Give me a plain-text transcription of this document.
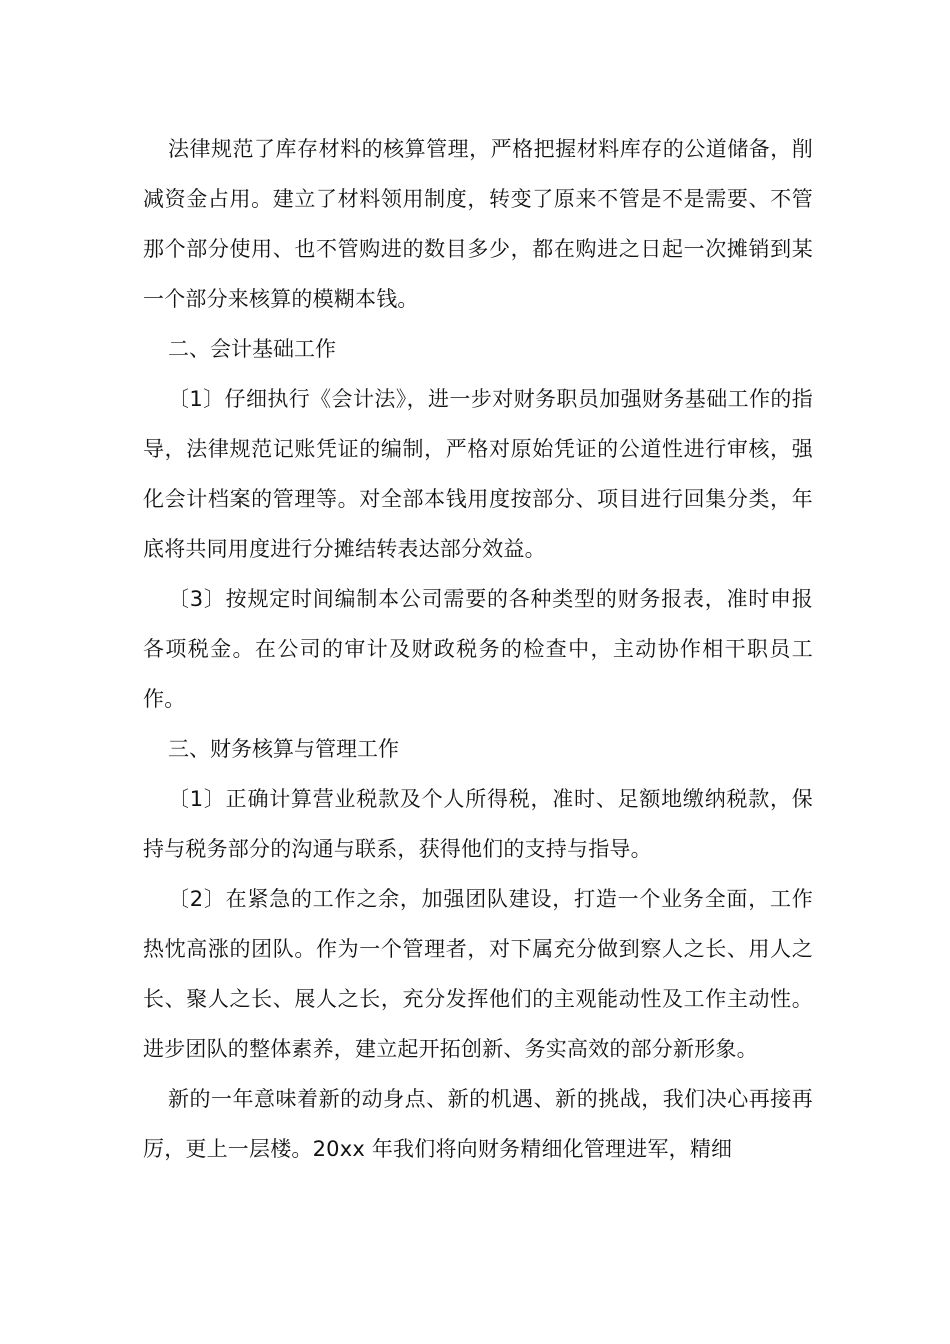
法律规范了库存材料的核算管理，严格把握材料库存的公道储备，削减资金占用。建立了材料领用制度，转变了原来不管是不是需要、不管那个部分使用、也不管购进的数目多少，都在购进之日起一次摊销到某一个部分来核算的模糊本钱。

二、会计基础工作

〔1〕仔细执行《会计法》，进一步对财务职员加强财务基础工作的指导，法律规范记账凭证的编制，严格对原始凭证的公道性进行审核，强化会计档案的管理等。对全部本钱用度按部分、项目进行回集分类，年底将共同用度进行分摊结转表达部分效益。

〔3〕按规定时间编制本公司需要的各种类型的财务报表，准时申报各项税金。在公司的审计及财政税务的检查中，主动协作相干职员工作。

三、财务核算与管理工作

〔1〕正确计算营业税款及个人所得税，准时、足额地缴纳税款，保持与税务部分的沟通与联系，获得他们的支持与指导。

〔2〕在紧急的工作之余，加强团队建设，打造一个业务全面，工作热忱高涨的团队。作为一个管理者，对下属充分做到察人之长、用人之长、聚人之长、展人之长，充分发挥他们的主观能动性及工作主动性。进步团队的整体素养，建立起开拓创新、务实高效的部分新形象。

新的一年意味着新的动身点、新的机遇、新的挑战，我们决心再接再厉，更上一层楼。20xx 年我们将向财务精细化管理进军，精细
